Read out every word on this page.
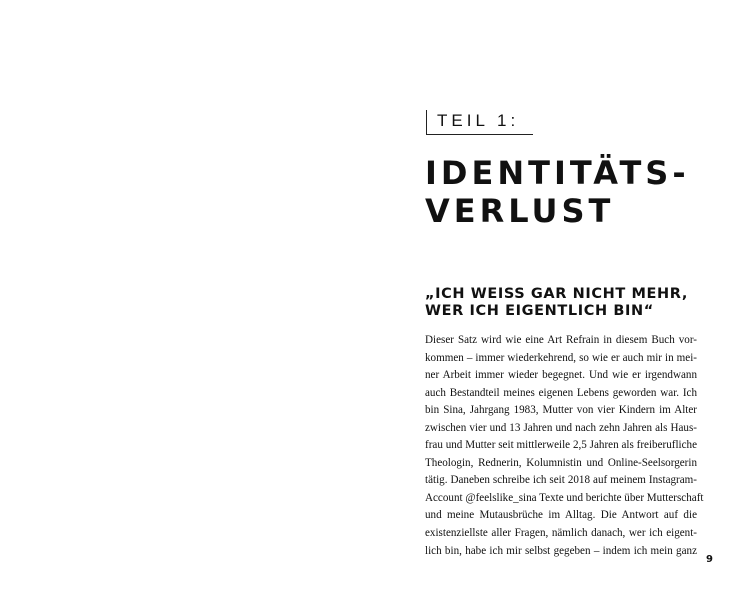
TEIL 1:
IDENTITÄTS-
VERLUST
„ICH WEISS GAR NICHT MEHR,
WER ICH EIGENTLICH BIN“
Dieser Satz wird wie eine Art Refrain in diesem Buch vor-
kommen – immer wiederkehrend, so wie er auch mir in mei-
ner Arbeit immer wieder begegnet. Und wie er irgendwann
auch Bestandteil meines eigenen Lebens geworden war. Ich
bin Sina, Jahrgang 1983, Mutter von vier Kindern im Alter
zwischen vier und 13 Jahren und nach zehn Jahren als Haus-
frau und Mutter seit mittlerweile 2,5 Jahren als freiberufliche
Theologin, Rednerin, Kolumnistin und Online-Seelsorgerin
tätig. Daneben schreibe ich seit 2018 auf meinem Instagram-
Account @feelslike_sina Texte und berichte über Mutterschaft
und meine Mutausbrüche im Alltag. Die Antwort auf die
existenziellste aller Fragen, nämlich danach, wer ich eigent-
lich bin, habe ich mir selbst gegeben – indem ich mein ganz
9
